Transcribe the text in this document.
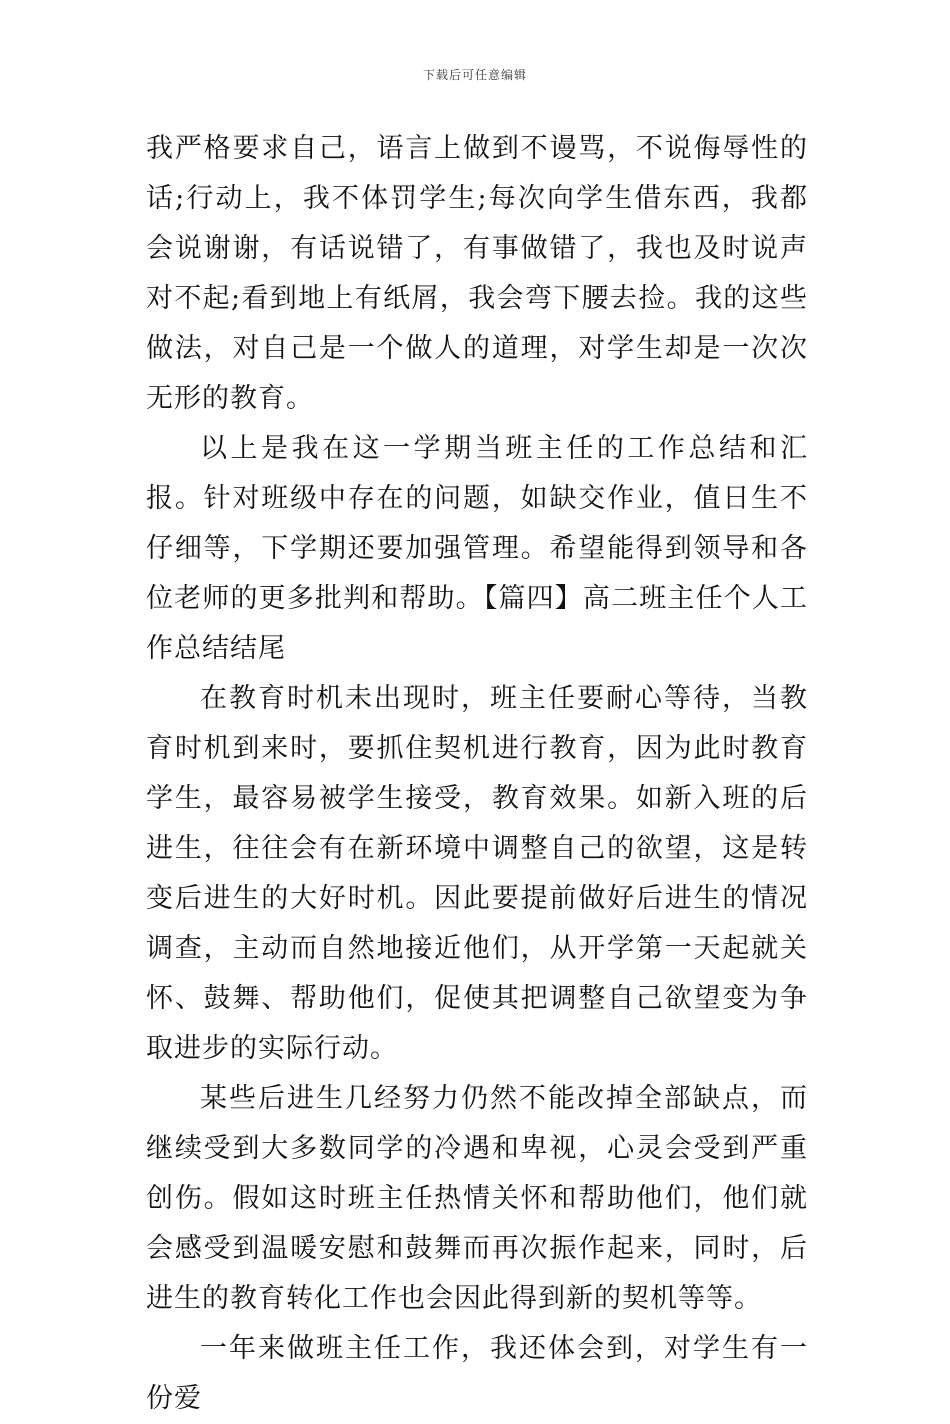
下载后可任意编辑

我严格要求自己，语言上做到不谩骂，不说侮辱性的话;行动上，我不体罚学生;每次向学生借东西，我都会说谢谢，有话说错了，有事做错了，我也及时说声对不起;看到地上有纸屑，我会弯下腰去捡。我的这些做法，对自己是一个做人的道理，对学生却是一次次无形的教育。

以上是我在这一学期当班主任的工作总结和汇报。针对班级中存在的问题，如缺交作业，值日生不仔细等，下学期还要加强管理。希望能得到领导和各位老师的更多批判和帮助。【篇四】高二班主任个人工作总结结尾

在教育时机未出现时，班主任要耐心等待，当教育时机到来时，要抓住契机进行教育，因为此时教育学生，最容易被学生接受，教育效果。如新入班的后进生，往往会有在新环境中调整自己的欲望，这是转变后进生的大好时机。因此要提前做好后进生的情况调查，主动而自然地接近他们，从开学第一天起就关怀、鼓舞、帮助他们，促使其把调整自己欲望变为争取进步的实际行动。

某些后进生几经努力仍然不能改掉全部缺点，而继续受到大多数同学的冷遇和卑视，心灵会受到严重创伤。假如这时班主任热情关怀和帮助他们，他们就会感受到温暖安慰和鼓舞而再次振作起来，同时，后进生的教育转化工作也会因此得到新的契机等等。

一年来做班主任工作，我还体会到，对学生有一份爱
